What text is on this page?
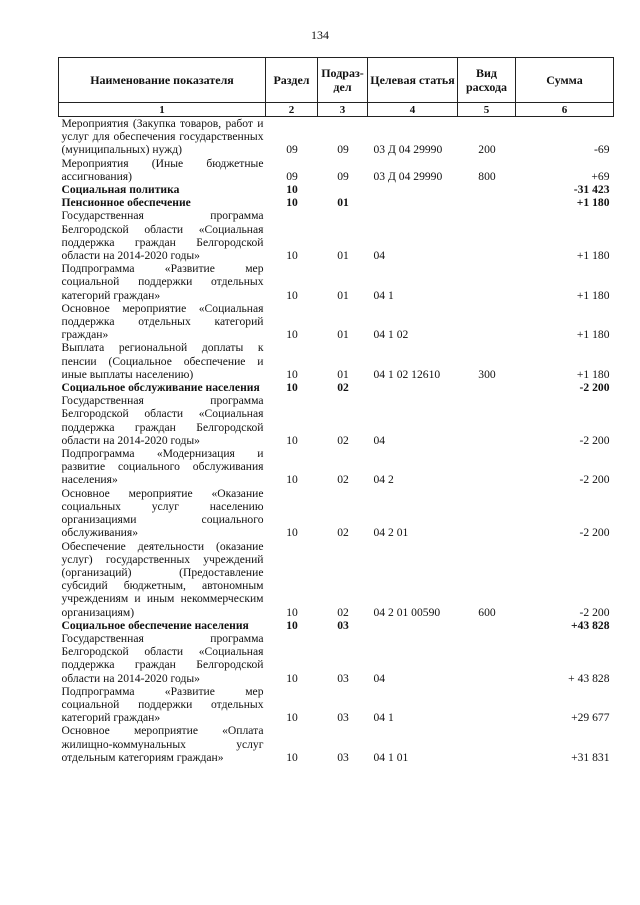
134
Наименование показателя	Раздел	Подраз-дел	Целевая статья	Вид расхода	Сумма
1	2	3	4	5	6
Мероприятия (Закупка товаров, работ и услуг для обеспечения государственных (муниципальных) нужд)	09	09	03 Д 04 29990	200	-69
Мероприятия (Иные бюджетные ассигнования)	09	09	03 Д 04 29990	800	+69
Социальная политика	10				-31 423
Пенсионное обеспечение	10	01			+1 180
Государственная программа Белгородской области «Социальная поддержка граждан Белгородской области на 2014-2020 годы»	10	01	04		+1 180
Подпрограмма «Развитие мер социальной поддержки отдельных категорий граждан»	10	01	04 1		+1 180
Основное мероприятие «Социальная поддержка отдельных категорий граждан»	10	01	04 1 02		+1 180
Выплата региональной доплаты к пенсии (Социальное обеспечение и иные выплаты населению)	10	01	04 1 02 12610	300	+1 180
Социальное обслуживание населения	10	02			-2 200
Государственная программа Белгородской области «Социальная поддержка граждан Белгородской области на 2014-2020 годы»	10	02	04		-2 200
Подпрограмма «Модернизация и развитие социального обслуживания населения»	10	02	04 2		-2 200
Основное мероприятие «Оказание социальных услуг населению организациями социального обслуживания»	10	02	04 2 01		-2 200
Обеспечение деятельности (оказание услуг) государственных учреждений (организаций) (Предоставление субсидий бюджетным, автономным учреждениям и иным некоммерческим организациям)	10	02	04 2 01 00590	600	-2 200
Социальное обеспечение населения	10	03			+43 828
Государственная программа Белгородской области «Социальная поддержка граждан Белгородской области на 2014-2020 годы»	10	03	04		+ 43 828
Подпрограмма «Развитие мер социальной поддержки отдельных категорий граждан»	10	03	04 1		+29 677
Основное мероприятие «Оплата жилищно-коммунальных услуг отдельным категориям граждан»	10	03	04 1 01		+31 831
